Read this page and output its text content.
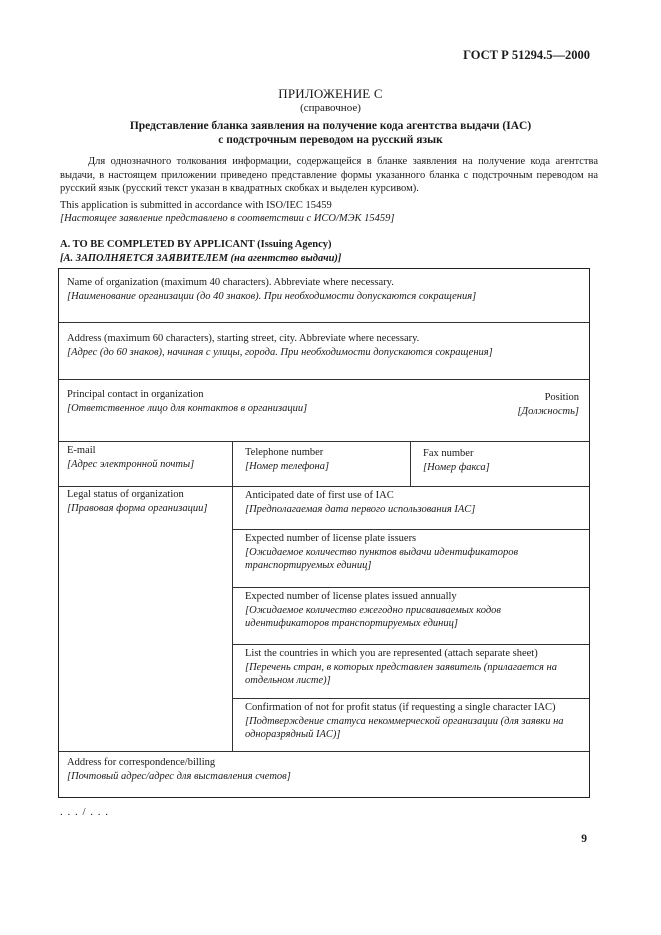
ГОСТ Р 51294.5—2000
ПРИЛОЖЕНИЕ С
(справочное)
Представление бланка заявления на получение кода агентства выдачи (IAC)
с подстрочным переводом на русский язык
Для однозначного толкования информации, содержащейся в бланке заявления на получение кода агентства выдачи, в настоящем приложении приведено представление формы указанного бланка с подстрочным переводом на русский язык (русский текст указан в квадратных скобках и выделен курсивом).
This application is submitted in accordance with ISO/IEC 15459
[Настоящее заявление представлено в соответствии с ИСО/МЭК 15459]
A. TO BE COMPLETED BY APPLICANT (Issuing Agency)
[А. ЗАПОЛНЯЕТСЯ ЗАЯВИТЕЛЕМ (на агентство выдачи)]
Name of organization (maximum 40 characters). Abbreviate where necessary.
[Наименование организации (до 40 знаков). При необходимости допускаются сокращения]
Address (maximum 60 characters), starting street, city. Abbreviate where necessary.
[Адрес (до 60 знаков), начиная с улицы, города. При необходимости допускаются сокращения]
Principal contact in organization
[Ответственное лицо для контактов в организации]
Position
[Должность]
E-mail
[Адрес электронной почты]
Telephone number
[Номер телефона]
Fax number
[Номер факса]
Legal status of organization
[Правовая форма организации]
Anticipated date of first use of IAC
[Предполагаемая дата первого использования IAC]
Expected number of license plate issuers
[Ожидаемое количество пунктов выдачи идентификаторов
транспортируемых единиц]
Expected number of license plates issued annually
[Ожидаемое количество ежегодно присваиваемых кодов
идентификаторов транспортируемых единиц]
List the countries in which you are represented (attach separate sheet)
[Перечень стран, в которых представлен заявитель (прилагается на
отдельном листе)]
Confirmation of not for profit status (if requesting a single character IAC)
[Подтверждение статуса некоммерческой организации (для заявки на
одноразрядный IAC)]
Address for correspondence/billing
[Почтовый адрес/адрес для выставления счетов]
. . . / . . .
9
